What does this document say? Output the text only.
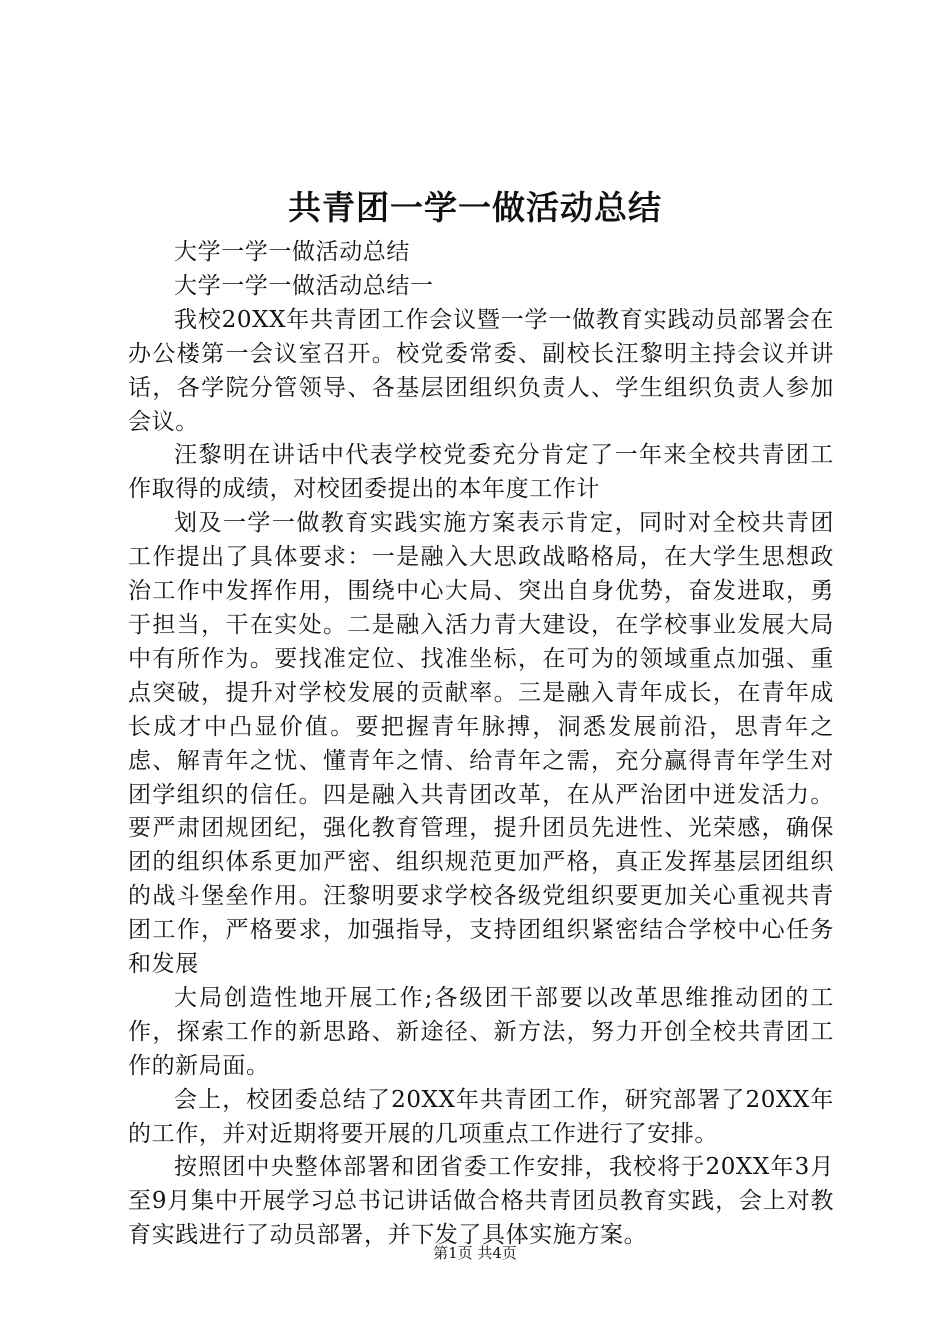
共青团一学一做活动总结

大学一学一做活动总结

大学一学一做活动总结一

我校20XX年共青团工作会议暨一学一做教育实践动员部署会在办公楼第一会议室召开。校党委常委、副校长汪黎明主持会议并讲话，各学院分管领导、各基层团组织负责人、学生组织负责人参加会议。

汪黎明在讲话中代表学校党委充分肯定了一年来全校共青团工作取得的成绩，对校团委提出的本年度工作计

划及一学一做教育实践实施方案表示肯定，同时对全校共青团工作提出了具体要求：一是融入大思政战略格局，在大学生思想政治工作中发挥作用，围绕中心大局、突出自身优势，奋发进取，勇于担当，干在实处。二是融入活力青大建设，在学校事业发展大局中有所作为。要找准定位、找准坐标，在可为的领域重点加强、重点突破，提升对学校发展的贡献率。三是融入青年成长，在青年成长成才中凸显价值。要把握青年脉搏，洞悉发展前沿，思青年之虑、解青年之忧、懂青年之情、给青年之需，充分赢得青年学生对团学组织的信任。四是融入共青团改革，在从严治团中迸发活力。要严肃团规团纪，强化教育管理，提升团员先进性、光荣感，确保团的组织体系更加严密、组织规范更加严格，真正发挥基层团组织的战斗堡垒作用。汪黎明要求学校各级党组织要更加关心重视共青团工作，严格要求，加强指导，支持团组织紧密结合学校中心任务和发展

大局创造性地开展工作;各级团干部要以改革思维推动团的工作，探索工作的新思路、新途径、新方法，努力开创全校共青团工作的新局面。

会上，校团委总结了20XX年共青团工作，研究部署了20XX年的工作，并对近期将要开展的几项重点工作进行了安排。

按照团中央整体部署和团省委工作安排，我校将于20XX年3月至9月集中开展学习总书记讲话做合格共青团员教育实践，会上对教育实践进行了动员部署，并下发了具体实施方案。

第1页 共4页
